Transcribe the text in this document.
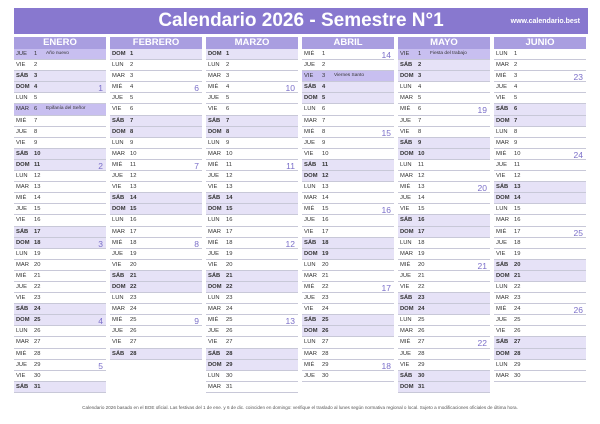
Calendario 2026 - Semestre N°1	www.calendario.best
ENERO
JUE 1 Año nuevo
VIE 2
SÁB 3
DOM 4	1
LUN 5
MAR 6 Epifanía del Señor
MIÉ 7
JUE 8
VIE 9
SÁB 10
DOM 11	2
LUN 12
MAR 13
MIÉ 14
JUE 15
VIE 16
SÁB 17
DOM 18	3
LUN 19
MAR 20
MIÉ 21
JUE 22
VIE 23
SÁB 24
DOM 25	4
LUN 26
MAR 27
MIÉ 28
JUE 29	5
VIE 30
SÁB 31
FEBRERO
DOM 1
LUN 2
MAR 3
MIÉ 4	6
JUE 5
VIE 6
SÁB 7
DOM 8
LUN 9
MAR 10
MIÉ 11	7
JUE 12
VIE 13
SÁB 14
DOM 15
LUN 16
MAR 17
MIÉ 18	8
JUE 19
VIE 20
SÁB 21
DOM 22
LUN 23
MAR 24
MIÉ 25	9
JUE 26
VIE 27
SÁB 28
MARZO
DOM 1
LUN 2
MAR 3
MIÉ 4	10
JUE 5
VIE 6
SÁB 7
DOM 8
LUN 9
MAR 10
MIÉ 11	11
JUE 12
VIE 13
SÁB 14
DOM 15
LUN 16
MAR 17
MIÉ 18	12
JUE 19
VIE 20
SÁB 21
DOM 22
LUN 23
MAR 24
MIÉ 25	13
JUE 26
VIE 27
SÁB 28
DOM 29
LUN 30
MAR 31
ABRIL
MIÉ 1	14
JUE 2
VIE 3 Viernes Santo
SÁB 4
DOM 5
LUN 6
MAR 7
MIÉ 8	15
JUE 9
VIE 10
SÁB 11
DOM 12
LUN 13
MAR 14
MIÉ 15	16
JUE 16
VIE 17
SÁB 18
DOM 19
LUN 20
MAR 21
MIÉ 22	17
JUE 23
VIE 24
SÁB 25
DOM 26
LUN 27
MAR 28
MIÉ 29	18
JUE 30
MAYO
VIE 1 Fiesta del trabajo
SÁB 2
DOM 3
LUN 4
MAR 5
MIÉ 6	19
JUE 7
VIE 8
SÁB 9
DOM 10
LUN 11
MAR 12
MIÉ 13	20
JUE 14
VIE 15
SÁB 16
DOM 17
LUN 18
MAR 19
MIÉ 20	21
JUE 21
VIE 22
SÁB 23
DOM 24
LUN 25
MAR 26
MIÉ 27	22
JUE 28
VIE 29
SÁB 30
DOM 31
JUNIO
LUN 1
MAR 2
MIÉ 3	23
JUE 4
VIE 5
SÁB 6
DOM 7
LUN 8
MAR 9
MIÉ 10	24
JUE 11
VIE 12
SÁB 13
DOM 14
LUN 15
MAR 16
MIÉ 17	25
JUE 18
VIE 19
SÁB 20
DOM 21
LUN 22
MAR 23
MIÉ 24	26
JUE 25
VIE 26
SÁB 27
DOM 28
LUN 29
MAR 30
Calendario 2026 basado en el BOE oficial. Las festivas del 1 de ene. y 6 de dic. coinciden en domingo: verifique el traslado al lunes según normativa regional o local. Sujeto a modificaciones oficiales de última hora.
